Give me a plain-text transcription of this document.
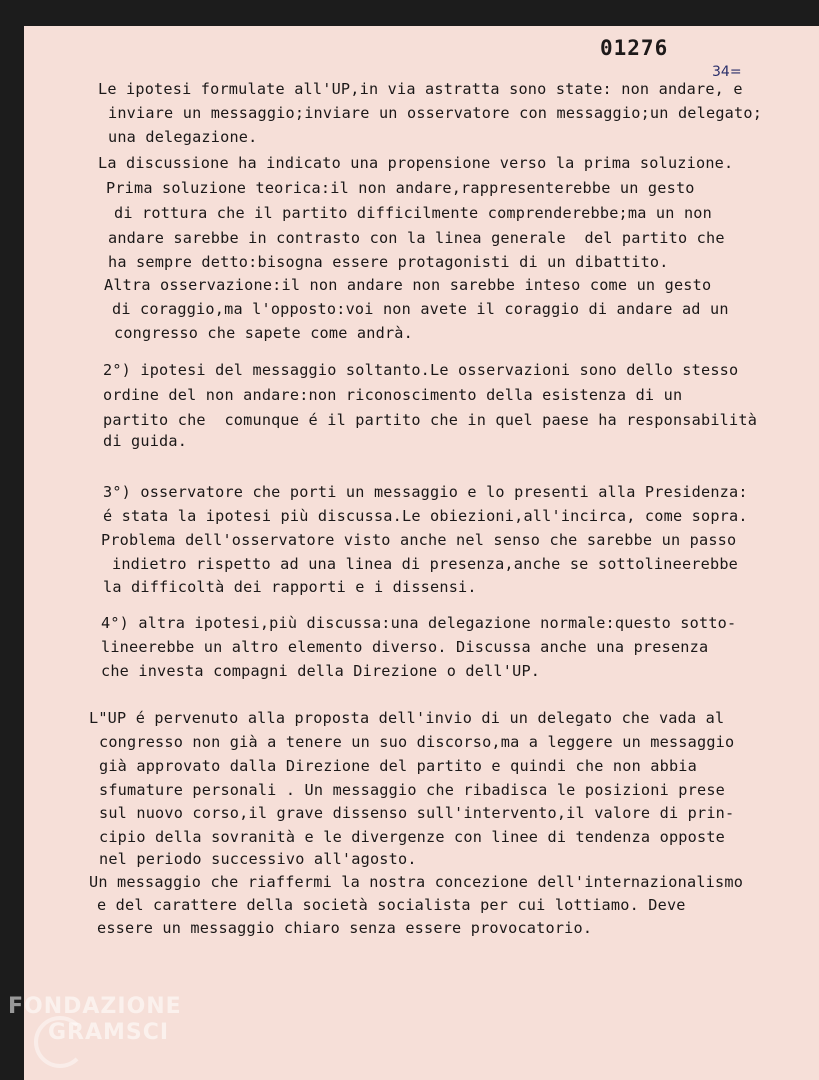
01276
34=
Le ipotesi formulate all'UP,in via astratta sono state: non andare, e
inviare un messaggio;inviare un osservatore con messaggio;un delegato;
una delegazione.
La discussione ha indicato una propensione verso la prima soluzione.
Prima soluzione teorica:il non andare,rappresenterebbe un gesto
di rottura che il partito difficilmente comprenderebbe;ma un non
andare sarebbe in contrasto con la linea generale  del partito che
ha sempre detto:bisogna essere protagonisti di un dibattito.
Altra osservazione:il non andare non sarebbe inteso come un gesto
di coraggio,ma l'opposto:voi non avete il coraggio di andare ad un
congresso che sapete come andrà.
2°) ipotesi del messaggio soltanto.Le osservazioni sono dello stesso
ordine del non andare:non riconoscimento della esistenza di un
partito che  comunque é il partito che in quel paese ha responsabilità
di guida.
3°) osservatore che porti un messaggio e lo presenti alla Presidenza:
é stata la ipotesi più discussa.Le obiezioni,all'incirca, come sopra.
Problema dell'osservatore visto anche nel senso che sarebbe un passo
indietro rispetto ad una linea di presenza,anche se sottolineerebbe
la difficoltà dei rapporti e i dissensi.
4°) altra ipotesi,più discussa:una delegazione normale:questo sotto-
lineerebbe un altro elemento diverso. Discussa anche una presenza
che investa compagni della Direzione o dell'UP.
L"UP é pervenuto alla proposta dell'invio di un delegato che vada al
congresso non già a tenere un suo discorso,ma a leggere un messaggio
già approvato dalla Direzione del partito e quindi che non abbia
sfumature personali . Un messaggio che ribadisca le posizioni prese
sul nuovo corso,il grave dissenso sull'intervento,il valore di prin-
cipio della sovranità e le divergenze con linee di tendenza opposte
nel periodo successivo all'agosto.
Un messaggio che riaffermi la nostra concezione dell'internazionalismo
e del carattere della società socialista per cui lottiamo. Deve
essere un messaggio chiaro senza essere provocatorio.
FONDAZIONE
GRAMSCI
